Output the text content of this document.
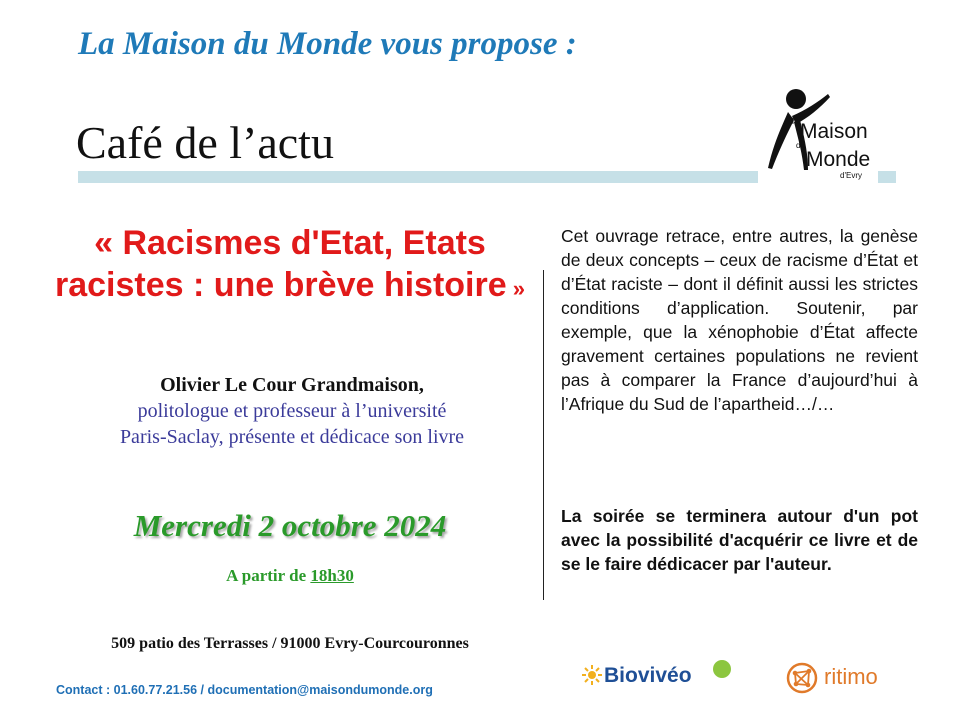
La Maison du Monde vous propose :
Café de l’actu	la Maison
du
Monde
d'Evry
« Racismes d'Etat, Etats racistes : une brève histoire »
Olivier Le Cour Grandmaison,
politologue et professeur à l’université
Paris-Saclay, présente et dédicace son livre
Mercredi 2 octobre 2024
A partir de 18h30
Cet ouvrage retrace, entre autres, la genèse de deux concepts – ceux de racisme d’État et d’État raciste – dont il définit aussi les strictes conditions d’application. Soutenir, par exemple, que la xénophobie d’État affecte gravement certaines populations ne revient pas à comparer la France d’aujourd’hui à l’Afrique du Sud de l’apartheid…/…
La soirée se terminera autour d'un pot avec la possibilité d'acquérir ce livre et de se le faire dédicacer par l'auteur.
509 patio des Terrasses / 91000 Evry-Courcouronnes
Contact : 01.60.77.21.56 / documentation@maisondumonde.org
Biovivéo	ritimo
